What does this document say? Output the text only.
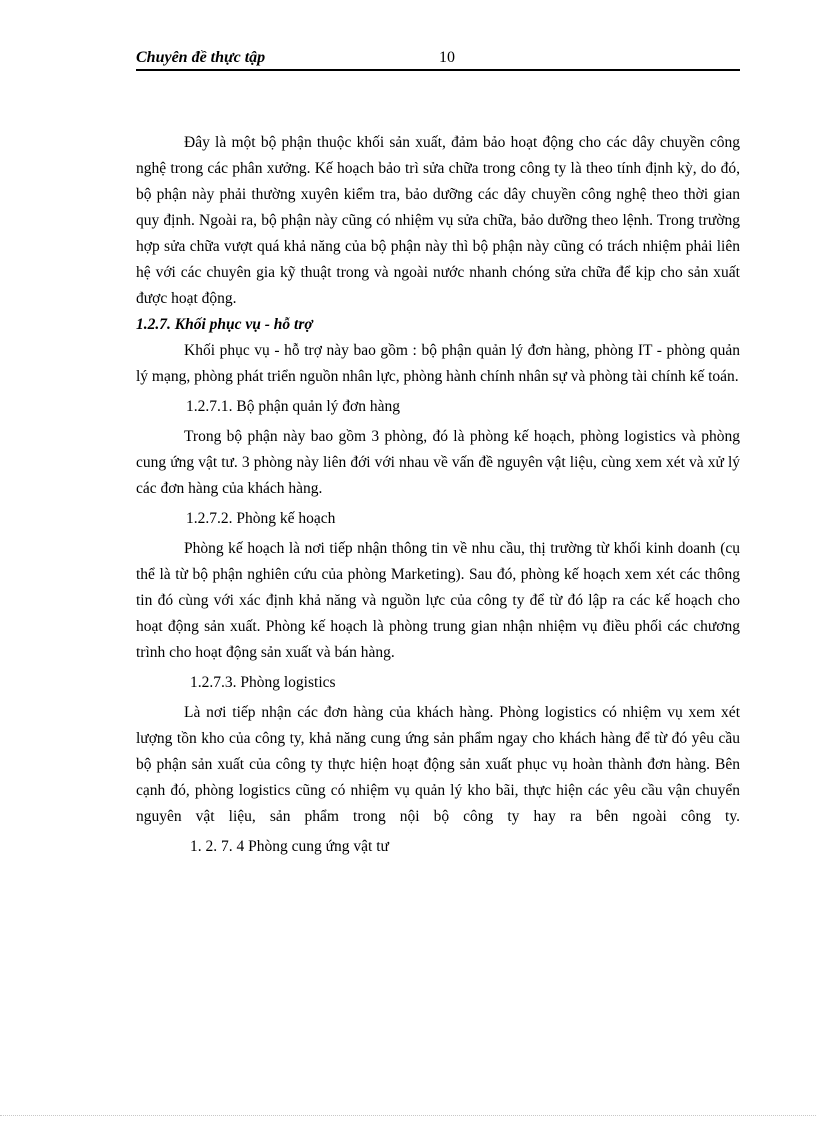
Chuyên đề thực tập	10

Đây là một bộ phận thuộc khối sản xuất, đảm bảo hoạt động cho các dây chuyền công nghệ trong các phân xưởng. Kế hoạch bảo trì sửa chữa trong công ty là theo tính định kỳ, do đó, bộ phận này phải thường xuyên kiểm tra, bảo dưỡng các dây chuyền công nghệ theo thời gian quy định. Ngoài ra, bộ phận này cũng có nhiệm vụ sửa chữa, bảo dưỡng theo lệnh. Trong trường hợp sửa chữa vượt quá khả năng của bộ phận này thì bộ phận này cũng có trách nhiệm phải liên hệ với các chuyên gia kỹ thuật trong và ngoài nước nhanh chóng sửa chữa để kịp cho sản xuất được hoạt động.

1.2.7. Khối phục vụ - hỗ trợ

Khối phục vụ - hỗ trợ này bao gồm : bộ phận quản lý đơn hàng, phòng IT - phòng quản lý mạng, phòng phát triển nguồn nhân lực, phòng hành chính nhân sự và phòng tài chính kế toán.

1.2.7.1. Bộ phận quản lý đơn hàng

Trong bộ phận này bao gồm 3 phòng, đó là phòng kế hoạch, phòng logistics và phòng cung ứng vật tư. 3 phòng này liên đới với nhau về vấn đề nguyên vật liệu, cùng xem xét và xử lý các đơn hàng của khách hàng.

1.2.7.2. Phòng kế hoạch

Phòng kế hoạch là nơi tiếp nhận thông tin về nhu cầu, thị trường từ khối kinh doanh (cụ thể là từ bộ phận nghiên cứu của phòng Marketing). Sau đó, phòng kế hoạch xem xét các thông tin đó cùng với xác định khả năng và nguồn lực của công ty để từ đó lập ra các kế hoạch cho hoạt động sản xuất. Phòng kế hoạch là phòng trung gian nhận nhiệm vụ điều phối các chương trình cho hoạt động sản xuất và bán hàng.

1.2.7.3. Phòng logistics

Là nơi tiếp nhận các đơn hàng của khách hàng. Phòng logistics có nhiệm vụ xem xét lượng tồn kho của công ty, khả năng cung ứng sản phẩm ngay cho khách hàng để từ đó yêu cầu bộ phận sản xuất của công ty thực hiện hoạt động sản xuất phục vụ hoàn thành đơn hàng. Bên cạnh đó, phòng logistics cũng có nhiệm vụ quản lý kho bãi, thực hiện các yêu cầu vận chuyển nguyên vật liệu, sản phẩm trong nội bộ công ty hay ra bên ngoài công ty.

1. 2. 7. 4 Phòng cung ứng vật tư
